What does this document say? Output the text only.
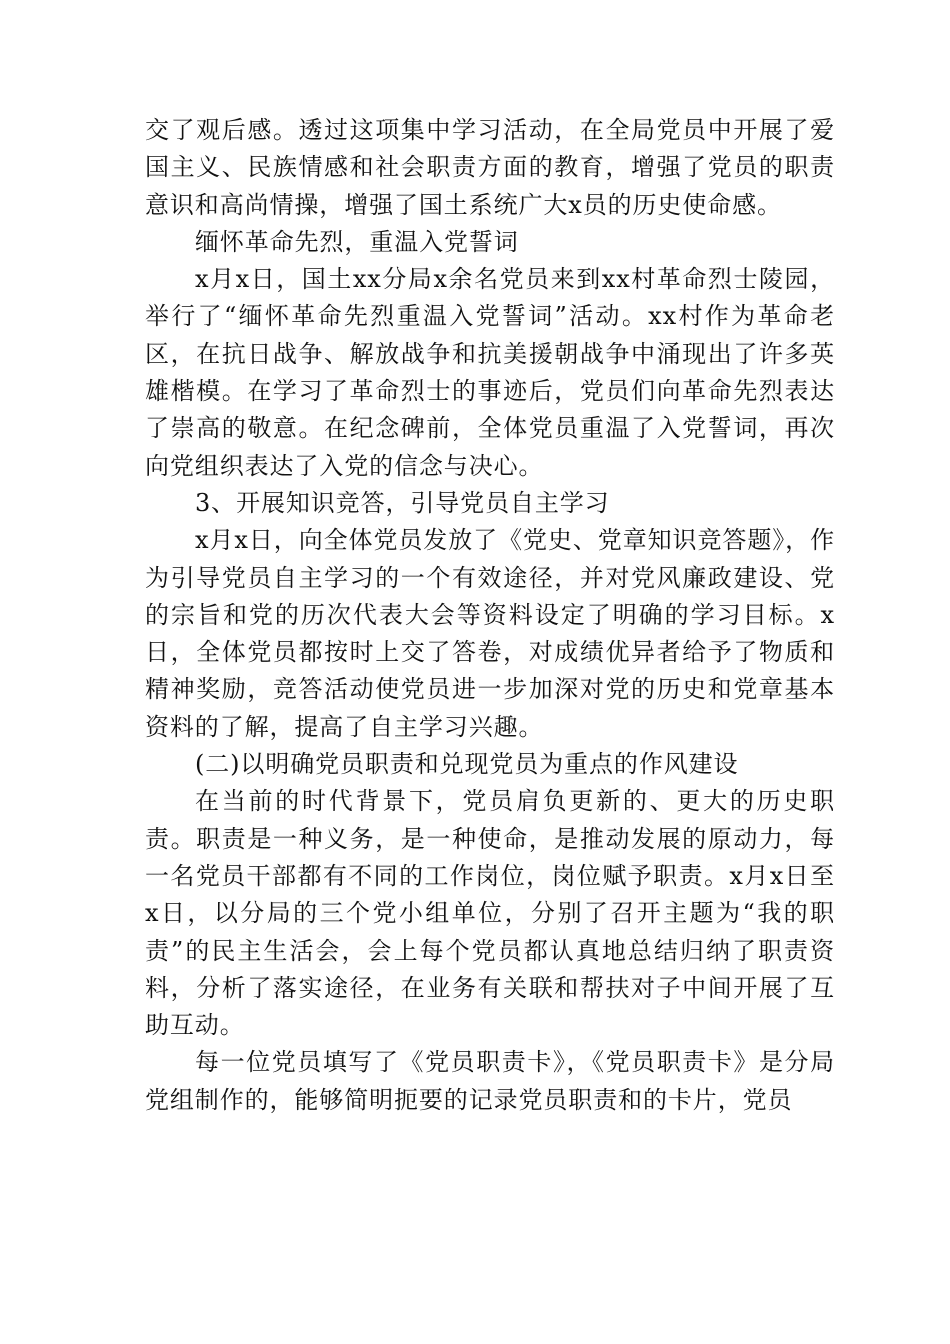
交了观后感。透过这项集中学习活动，在全局党员中开展了爱国主义、民族情感和社会职责方面的教育，增强了党员的职责意识和高尚情操，增强了国土系统广大x员的历史使命感。

缅怀革命先烈，重温入党誓词

x月x日，国土xx分局x余名党员来到xx村革命烈士陵园，举行了“缅怀革命先烈重温入党誓词”活动。xx村作为革命老区，在抗日战争、解放战争和抗美援朝战争中涌现出了许多英雄楷模。在学习了革命烈士的事迹后，党员们向革命先烈表达了崇高的敬意。在纪念碑前，全体党员重温了入党誓词，再次向党组织表达了入党的信念与决心。

3、开展知识竞答，引导党员自主学习

x月x日，向全体党员发放了《党史、党章知识竞答题》，作为引导党员自主学习的一个有效途径，并对党风廉政建设、党的宗旨和党的历次代表大会等资料设定了明确的学习目标。x日，全体党员都按时上交了答卷，对成绩优异者给予了物质和精神奖励，竞答活动使党员进一步加深对党的历史和党章基本资料的了解，提高了自主学习兴趣。

(二)以明确党员职责和兑现党员为重点的作风建设

在当前的时代背景下，党员肩负更新的、更大的历史职责。职责是一种义务，是一种使命，是推动发展的原动力，每一名党员干部都有不同的工作岗位，岗位赋予职责。x月x日至x日，以分局的三个党小组单位，分别了召开主题为“我的职责”的民主生活会，会上每个党员都认真地总结归纳了职责资料，分析了落实途径，在业务有关联和帮扶对子中间开展了互助互动。

每一位党员填写了《党员职责卡》，《党员职责卡》是分局党组制作的，能够简明扼要的记录党员职责和的卡片，党员
